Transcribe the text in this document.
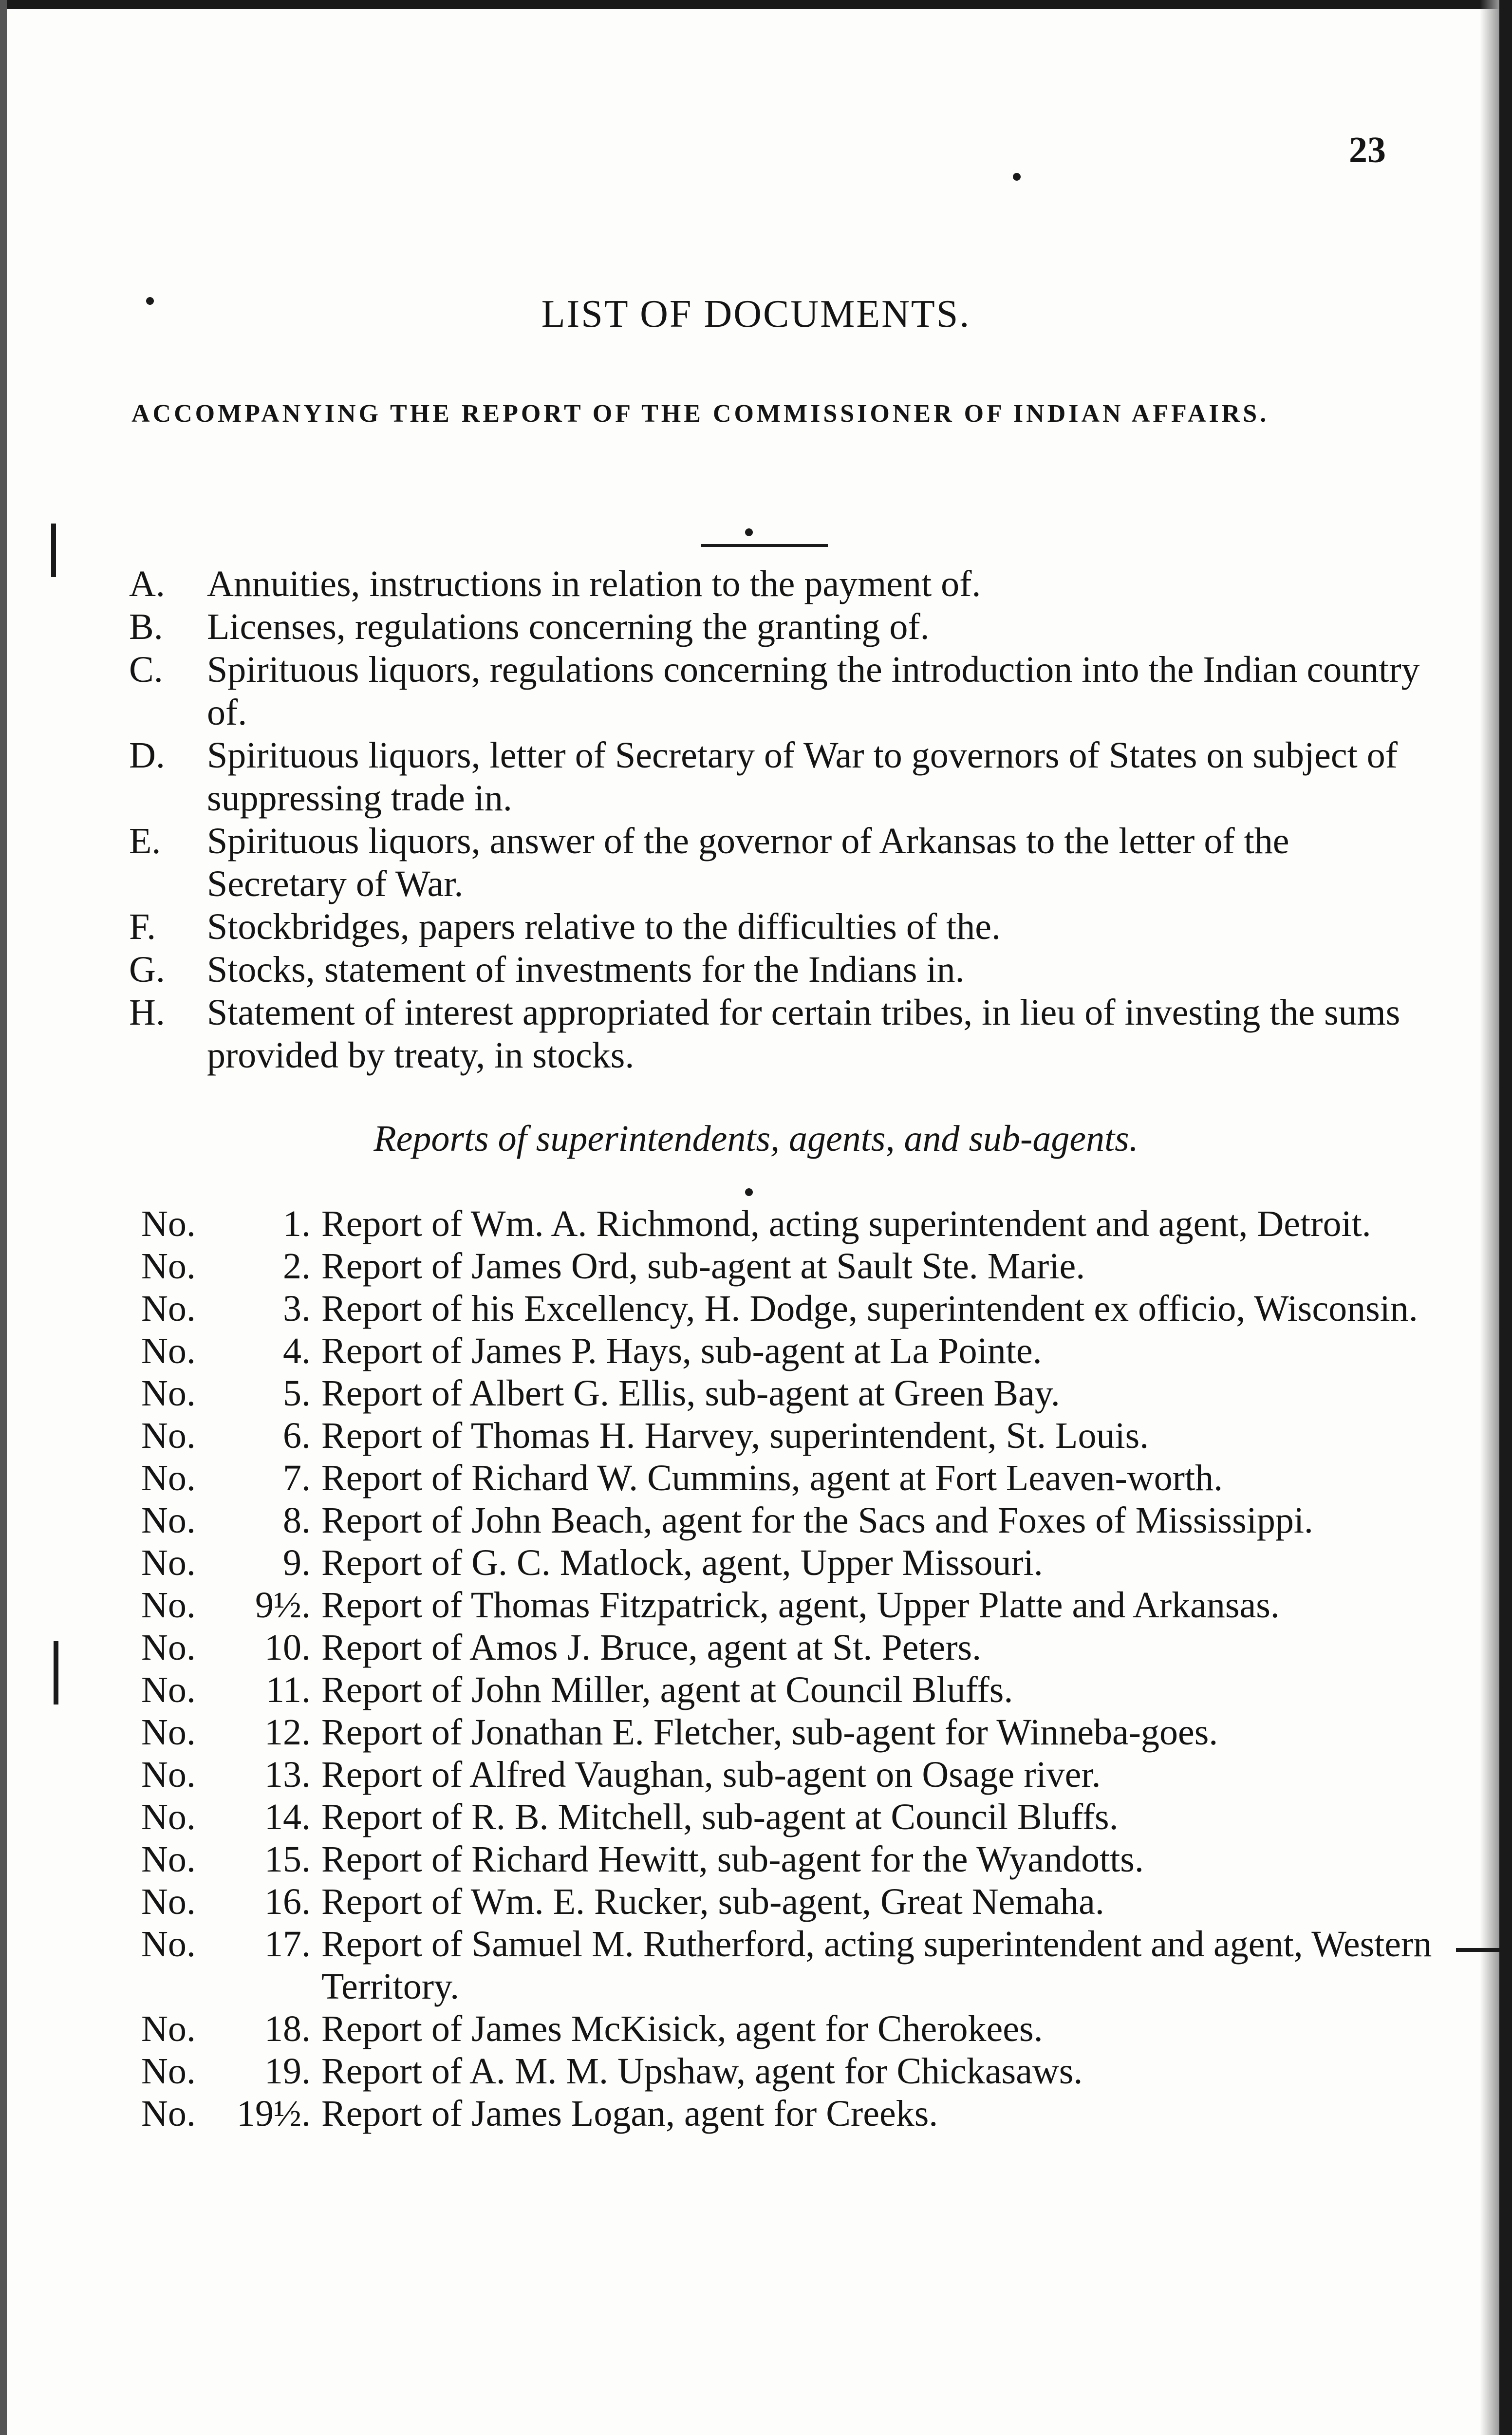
23
LIST OF DOCUMENTS.
ACCOMPANYING THE REPORT OF THE COMMISSIONER OF INDIAN AFFAIRS.
A.	Annuities, instructions in relation to the payment of.
B.	Licenses, regulations concerning the granting of.
C.	Spirituous liquors, regulations concerning the introduction into the Indian country of.
D.	Spirituous liquors, letter of Secretary of War to governors of States on subject of suppressing trade in.
E.	Spirituous liquors, answer of the governor of Arkansas to the letter of the Secretary of War.
F.	Stockbridges, papers relative to the difficulties of the.
G.	Stocks, statement of investments for the Indians in.
H.	Statement of interest appropriated for certain tribes, in lieu of investing the sums provided by treaty, in stocks.
Reports of superintendents, agents, and sub-agents.
No.	1. Report of Wm. A. Richmond, acting superintendent and agent, Detroit.
No.	2. Report of James Ord, sub-agent at Sault Ste. Marie.
No.	3. Report of his Excellency, H. Dodge, superintendent ex officio, Wisconsin.
No.	4. Report of James P. Hays, sub-agent at La Pointe.
No.	5. Report of Albert G. Ellis, sub-agent at Green Bay.
No.	6. Report of Thomas H. Harvey, superintendent, St. Louis.
No.	7. Report of Richard W. Cummins, agent at Fort Leaven-worth.
No.	8. Report of John Beach, agent for the Sacs and Foxes of Mississippi.
No.	9. Report of G. C. Matlock, agent, Upper Missouri.
No.	9½. Report of Thomas Fitzpatrick, agent, Upper Platte and Arkansas.
No.	10. Report of Amos J. Bruce, agent at St. Peters.
No.	11. Report of John Miller, agent at Council Bluffs.
No.	12. Report of Jonathan E. Fletcher, sub-agent for Winneba-goes.
No.	13. Report of Alfred Vaughan, sub-agent on Osage river.
No.	14. Report of R. B. Mitchell, sub-agent at Council Bluffs.
No.	15. Report of Richard Hewitt, sub-agent for the Wyandotts.
No.	16. Report of Wm. E. Rucker, sub-agent, Great Nemaha.
No.	17. Report of Samuel M. Rutherford, acting superintendent and agent, Western Territory.
No.	18. Report of James McKisick, agent for Cherokees.
No.	19. Report of A. M. M. Upshaw, agent for Chickasaws.
No.	19½. Report of James Logan, agent for Creeks.
